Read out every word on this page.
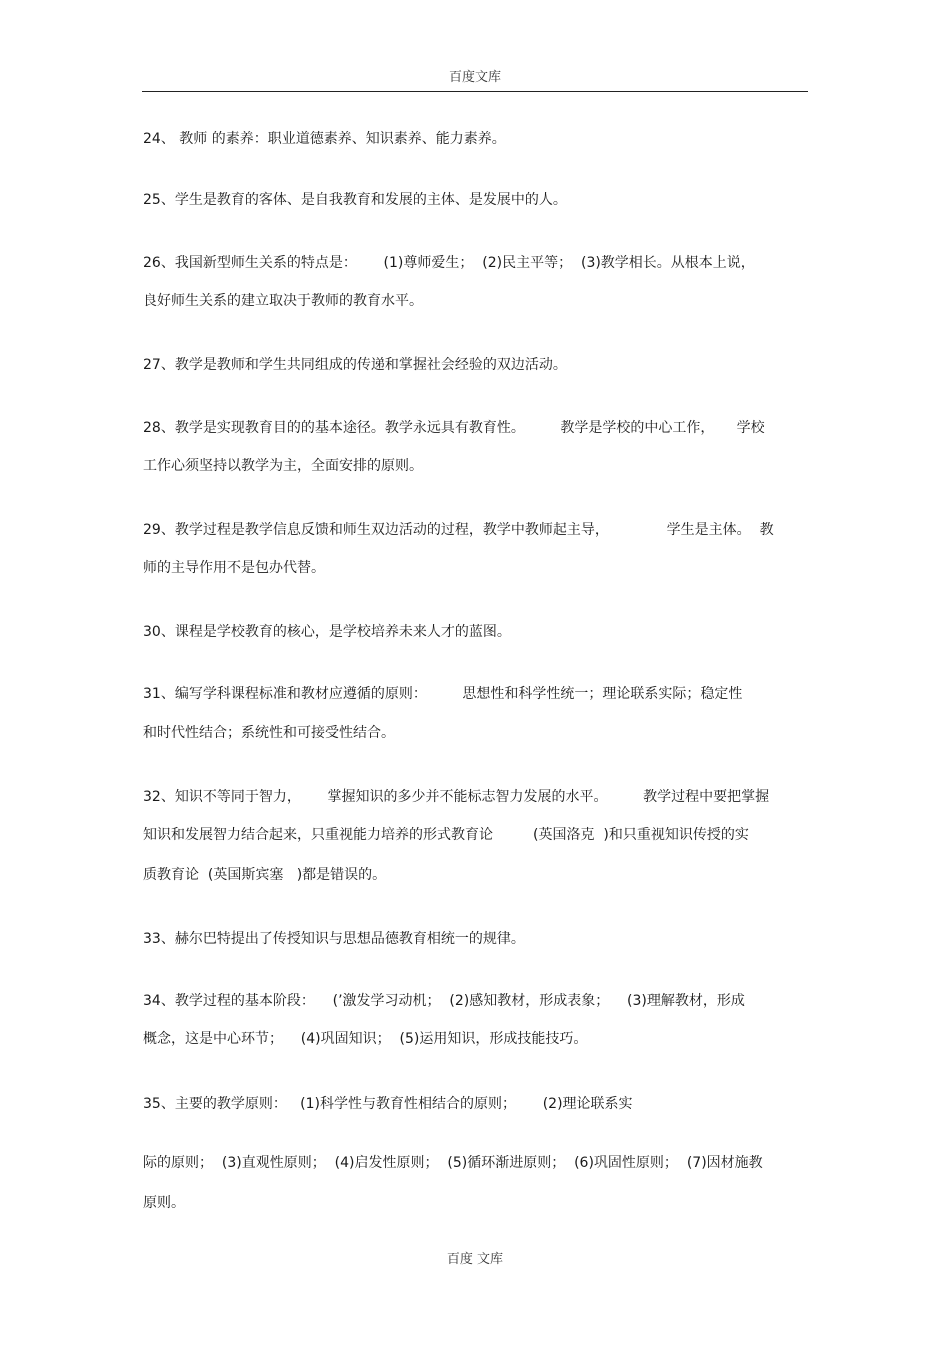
百度文库
24、 教师 的素养：职业道德素养、知识素养、能力素养。
25、学生是教育的客体、是自我教育和发展的主体、是发展中的人。
26、我国新型师生关系的特点是：      (1)尊师爱生；  (2)民主平等；  (3)教学相长。从根本上说，
良好师生关系的建立取决于教师的教育水平。
27、教学是教师和学生共同组成的传递和掌握社会经验的双边活动。
28、教学是实现教育目的的基本途径。教学永远具有教育性。        教学是学校的中心工作，     学校
工作心须坚持以教学为主，全面安排的原则。
29、教学过程是教学信息反馈和师生双边活动的过程，教学中教师起主导，             学生是主体。  教
师的主导作用不是包办代替。
30、课程是学校教育的核心，是学校培养未来人才的蓝图。
31、编写学科课程标准和教材应遵循的原则：        思想性和科学性统一；理论联系实际；稳定性
和时代性结合；系统性和可接受性结合。
32、知识不等同于智力，      掌握知识的多少并不能标志智力发展的水平。        教学过程中要把掌握
知识和发展智力结合起来，只重视能力培养的形式教育论         (英国洛克  )和只重视知识传授的实
质教育论  (英国斯宾塞   )都是错误的。
33、赫尔巴特提出了传授知识与思想品德教育相统一的规律。
34、教学过程的基本阶段：    (’激发学习动机；  (2)感知教材，形成表象；    (3)理解教材，形成
概念，这是中心环节；    (4)巩固知识；  (5)运用知识，形成技能技巧。
35、主要的教学原则：   (1)科学性与教育性相结合的原则；      (2)理论联系实
际的原则；  (3)直观性原则；  (4)启发性原则；  (5)循环渐进原则；  (6)巩固性原则；  (7)因材施教
原则。
百度 文库
